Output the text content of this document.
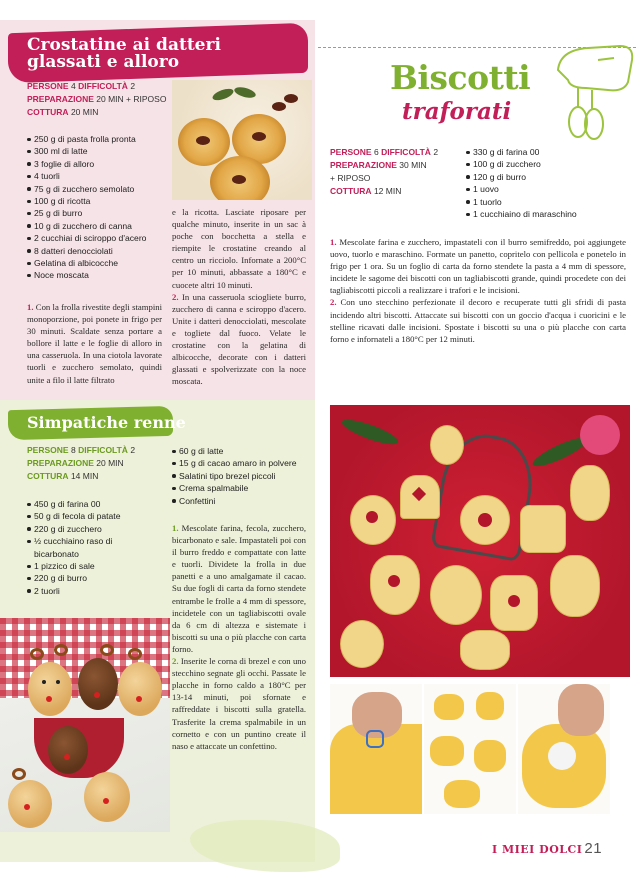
Crostatine ai datteri glassati e alloro
PERSONE 4 DIFFICOLTÀ 2
PREPARAZIONE 20 MIN + RIPOSO
COTTURA 20 MIN
250 g di pasta frolla pronta
300 ml di latte
3 foglie di alloro
4 tuorli
75 g di zucchero semolato
100 g di ricotta
25 g di burro
10 g di zucchero di canna
2 cucchiai di sciroppo d'acero
8 datteri denocciolati
Gelatina di albicocche
Noce moscata
1. Con la frolla rivestite degli stampini monoporzione, poi ponete in frigo per 30 minuti. Scaldate senza portare a bollore il latte e le foglie di alloro in una casseruola. In una ciotola lavorate tuorli e zucchero semolato, quindi unite a filo il latte filtrato
e la ricotta. Lasciate riposare per qualche minuto, inserite in un sac à poche con bocchetta a stella e riempite le crostatine creando al centro un ricciolo. Infornate a 200°C per 10 minuti, abbassate a 180°C e cuocete altri 10 minuti.
2. In una casseruola sciogliete burro, zucchero di canna e sciroppo d'acero. Unite i datteri denocciolati, mescolate e togliete dal fuoco. Velate le crostatine con la gelatina di albicocche, decorate con i datteri glassati e spolverizzate con la noce moscata.
Simpatiche renne
PERSONE 8 DIFFICOLTÀ 2
PREPARAZIONE 20 MIN
COTTURA 14 MIN
450 g di farina 00
50 g di fecola di patate
220 g di zucchero
½ cucchiaino raso di bicarbonato
1 pizzico di sale
220 g di burro
2 tuorli
60 g di latte
15 g di cacao amaro in polvere
Salatini tipo brezel piccoli
Crema spalmabile
Confettini
1. Mescolate farina, fecola, zucchero, bicarbonato e sale. Impastateli poi con il burro freddo e compattate con latte e tuorli. Dividete la frolla in due panetti e a uno amalgamate il cacao. Su due fogli di carta da forno stendete entrambe le frolle a 4 mm di spessore, incidetele con un tagliabiscotti ovale da 6 cm di altezza e sistemate i biscotti su una o più placche con carta forno.
2. Inserite le corna di brezel e con uno stecchino segnate gli occhi. Passate le placche in forno caldo a 180°C per 13-14 minuti, poi sfornate e raffreddate i biscotti sulla gratella. Trasferite la crema spalmabile in un cornetto e con un puntino create il naso e attaccate un confettino.
Biscotti
traforati
PERSONE 6 DIFFICOLTÀ 2
PREPARAZIONE 30 MIN
+ RIPOSO
COTTURA 12 MIN
330 g di farina 00
100 g di zucchero
120 g di burro
1 uovo
1 tuorlo
1 cucchiaino di maraschino
1. Mescolate farina e zucchero, impastateli con il burro semifreddo, poi aggiungete uovo, tuorlo e maraschino. Formate un panetto, copritelo con pellicola e ponetelo in frigo per 1 ora. Su un foglio di carta da forno stendete la pasta a 4 mm di spessore, incidete le sagome dei biscotti con un tagliabiscotti grande, quindi procedete con dei tagliabiscotti piccoli a realizzare i trafori e le incisioni.
2. Con uno stecchino perfezionate il decoro e recuperate tutti gli sfridi di pasta incidendo altri biscotti. Attaccate sui biscotti con un goccio d'acqua i cuoricini e le stelline ricavati dalle incisioni. Spostate i biscotti su una o più placche con carta forno e infornateli a 180°C per 12 minuti.
I MIEI DOLCI 21
